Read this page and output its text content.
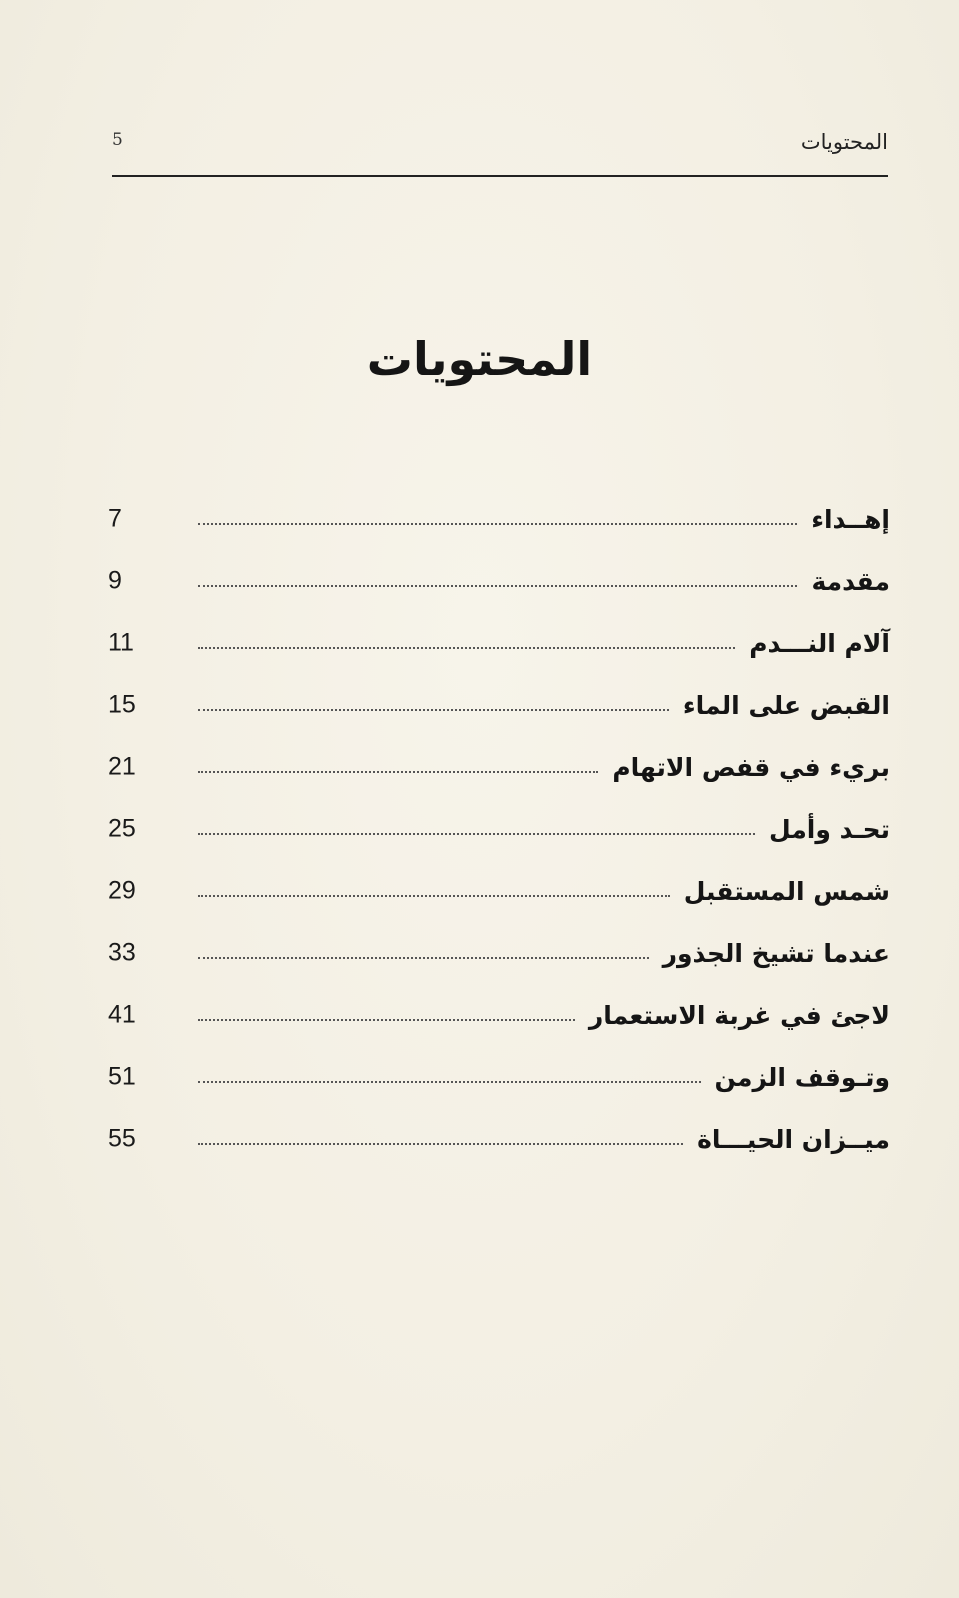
المحتويات
5
المحتويات
إهــداء
7
مقدمة
9
آلام النـــدم
11
القبض على الماء
15
بريء في قفص الاتهام
21
تحـد وأمل
25
شمس المستقبل
29
عندما تشيخ الجذور
33
لاجئ في غربة الاستعمار
41
وتـوقف الزمن
51
ميــزان الحيـــاة
55
